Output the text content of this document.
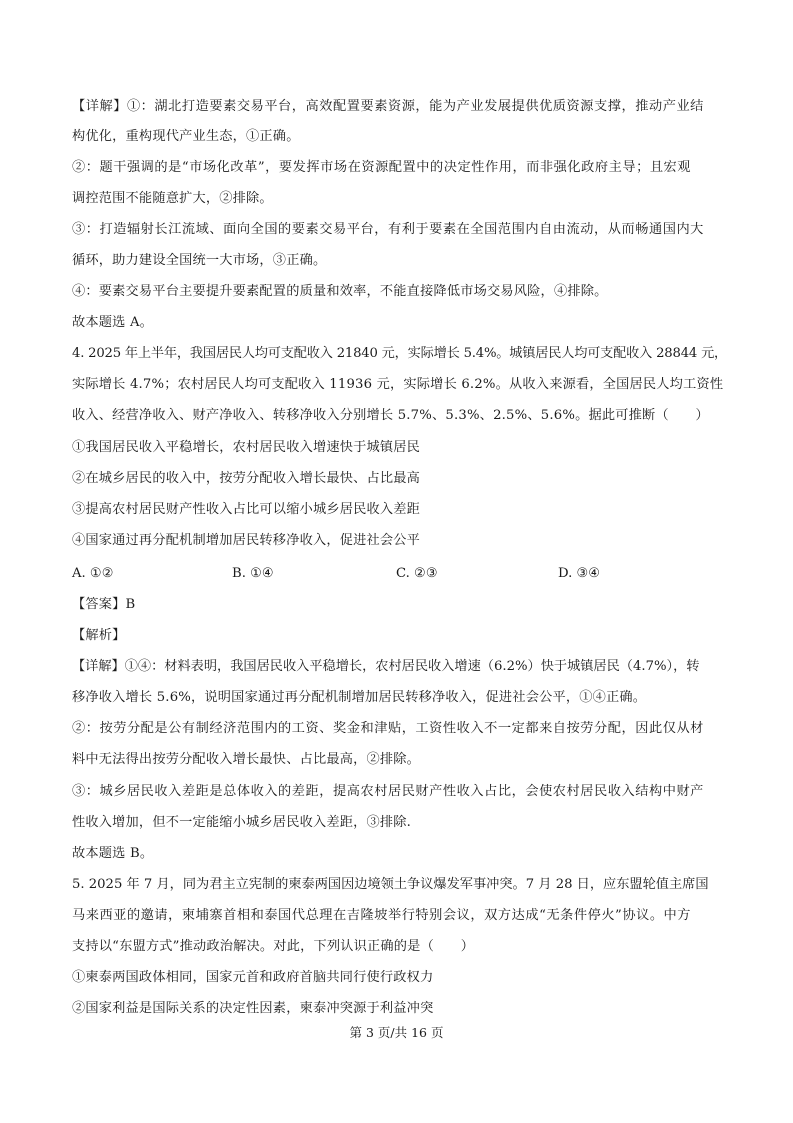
【详解】①：湖北打造要素交易平台，高效配置要素资源，能为产业发展提供优质资源支撑，推动产业结
构优化，重构现代产业生态，①正确。
②：题干强调的是“市场化改革”，要发挥市场在资源配置中的决定性作用，而非强化政府主导；且宏观
调控范围不能随意扩大，②排除。
③：打造辐射长江流域、面向全国的要素交易平台，有利于要素在全国范围内自由流动，从而畅通国内大
循环，助力建设全国统一大市场，③正确。
④：要素交易平台主要提升要素配置的质量和效率，不能直接降低市场交易风险，④排除。
故本题选 A。
4. 2025 年上半年，我国居民人均可支配收入 21840 元，实际增长 5.4%。城镇居民人均可支配收入 28844 元，
实际增长 4.7%；农村居民人均可支配收入 11936 元，实际增长 6.2%。从收入来源看，全国居民人均工资性
收入、经营净收入、财产净收入、转移净收入分别增长 5.7%、5.3%、2.5%、5.6%。据此可推断（　　）
①我国居民收入平稳增长，农村居民收入增速快于城镇居民
②在城乡居民的收入中，按劳分配收入增长最快、占比最高
③提高农村居民财产性收入占比可以缩小城乡居民收入差距
④国家通过再分配机制增加居民转移净收入，促进社会公平
A. ①②	B. ①④	C. ②③	D. ③④
【答案】B
【解析】
【详解】①④：材料表明，我国居民收入平稳增长，农村居民收入增速（6.2%）快于城镇居民（4.7%），转
移净收入增长 5.6%，说明国家通过再分配机制增加居民转移净收入，促进社会公平，①④正确。
②：按劳分配是公有制经济范围内的工资、奖金和津贴，工资性收入不一定都来自按劳分配，因此仅从材
料中无法得出按劳分配收入增长最快、占比最高，②排除。
③：城乡居民收入差距是总体收入的差距，提高农村居民财产性收入占比，会使农村居民收入结构中财产
性收入增加，但不一定能缩小城乡居民收入差距，③排除.
故本题选 B。
5. 2025 年 7 月，同为君主立宪制的柬泰两国因边境领土争议爆发军事冲突。7 月 28 日，应东盟轮值主席国
马来西亚的邀请，柬埔寨首相和泰国代总理在吉隆坡举行特别会议，双方达成“无条件停火”协议。中方
支持以“东盟方式”推动政治解决。对此，下列认识正确的是（　　）
①柬泰两国政体相同，国家元首和政府首脑共同行使行政权力
②国家利益是国际关系的决定性因素，柬泰冲突源于利益冲突
第 3 页/共 16 页
